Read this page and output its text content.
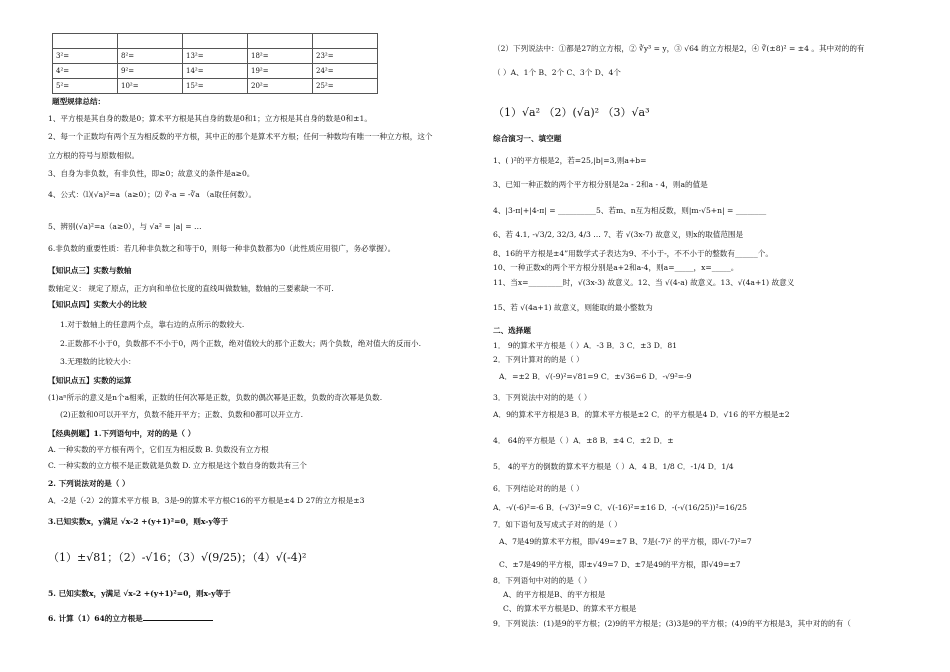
3²=	8²=	13²=	18²=	23²=
4²=	9²=	14²=	19²=	24²=
5²=	10²=	15²=	20²=	25²=
题型规律总结：
1、平方根是其自身的数是0；算术平方根是其自身的数是0和1；立方根是其自身的数是0和±1。
2、每一个正数均有两个互为相反数的平方根，其中正的那个是算术平方根；任何一种数均有唯一一种立方根，这个
立方根的符号与原数相似。
3、自身为非负数，有非负性，即≥0；故意义的条件是a≥0。
4、公式：⑴(√a)²=a（a≥0）；⑵ ∛-a = -∛a （a取任何数）。
5、辨别(√a)²=a（a≥0），与 √a² = |a| = …
6.非负数的重要性质：若几种非负数之和等于0，则每一种非负数都为0（此性质应用很广，务必掌握）。
【知识点三】实数与数轴
数轴定义： 规定了原点，正方向和单位长度的直线叫做数轴，数轴的三要素缺一不可.
【知识点四】实数大小的比较
1.对于数轴上的任意两个点，靠右边的点所示的数较大.
2.正数都不小于0，负数都不不小于0，两个正数，绝对值较大的那个正数大；两个负数，绝对值大的反而小.
3.无理数的比较大小：
【知识点五】实数的运算
(1)aⁿ所示的意义是n个a相乘，正数的任何次幂是正数，负数的偶次幂是正数，负数的奇次幂是负数.
(2)正数和0可以开平方，负数不能开平方；正数、负数和0都可以开立方.
【经典例题】1.下列语句中，对的的是（ ）
A. 一种实数的平方根有两个，它们互为相反数 B. 负数没有立方根
C. 一种实数的立方根不是正数就是负数 D. 立方根是这个数自身的数共有三个
2. 下列说法对的是（ ）
A．-2是（-2）2的算术平方根 B．3是-9的算术平方根C16的平方根是±4 D 27的立方根是±3
3.已知实数x，y满足 √x-2 +(y+1)²=0，则x-y等于
（1）±√81；（2）-√16；（3）√(9/25)；（4）√(-4)²
5. 已知实数x，y满足 √x-2 +(y+1)²=0，则x-y等于
6. 计算（1）64的立方根是
（2）下列说法中：①都是27的立方根，② ∛y³ = y，③ √64 的立方根是2，④ ∛(±8)² = ±4 。其中对的的有
（ ）A、1个 B、2个 C、3个 D、4个
（1）√a² （2）(√a)² （3）√a³
综合演习一、填空题
1、( )²的平方根是2，若=25,|b|=3,则a+b=
3、已知一种正数的两个平方根分别是2a - 2和a - 4，则a的值是
4、|3-π|+|4-π| = __________5、若m、n互为相反数，则|m-√5+n| = ________
6、若 4.1, -√3/2, 32/3, 4/3 … 7、若 √(3x-7) 故意义，则x的取值范围是
8、16的平方根是±4”用数学式子表达为9、不小于-，不不小于的整数有______个。
10、一种正数x的两个平方根分别是a+2和a-4，则a=_____，x=_____。
11、当x=_________时，√(3x-3) 故意义。12、当 √(4-a) 故意义。13、√(4a+1) 故意义
15、若 √(4a+1) 故意义，则能取的最小整数为
二、选择题
1． 9的算术平方根是（ ）A．-3 B．3 C．±3 D．81
2．下列计算对的的是（ ）
A．=±2 B．√(-9)²=√81=9 C．±√36=6 D．-√9²=-9
3．下列说法中对的的是（ ）
A．9的算术平方根是3 B．的算术平方根是±2 C．的平方根是4 D．√16 的平方根是±2
4． 64的平方根是（ ）A．±8 B．±4 C．±2 D．±
5． 4的平方的倒数的算术平方根是（ ）A．4 B．1/8 C．-1/4 D．1/4
6．下列结论对的的是（ ）
A．-√(-6)²=-6 B．(-√3)²=9 C．√(-16)²=±16 D．-(-√(16/25))²=16/25
7．如下语句及写成式子对的的是（ ）
A、7是49的算术平方根，即√49=±7 B、7是(-7)² 的平方根，即√(-7)²=7
C、±7是49的平方根，即±√49=7 D、±7是49的平方根，即√49=±7
8．下列语句中对的的是（ ）
A、的平方根是B、的平方根是
C、的算术平方根是D、的算术平方根是
9．下列说法：(1)是9的平方根；(2)9的平方根是；(3)3是9的平方根；(4)9的平方根是3，其中对的的有（
